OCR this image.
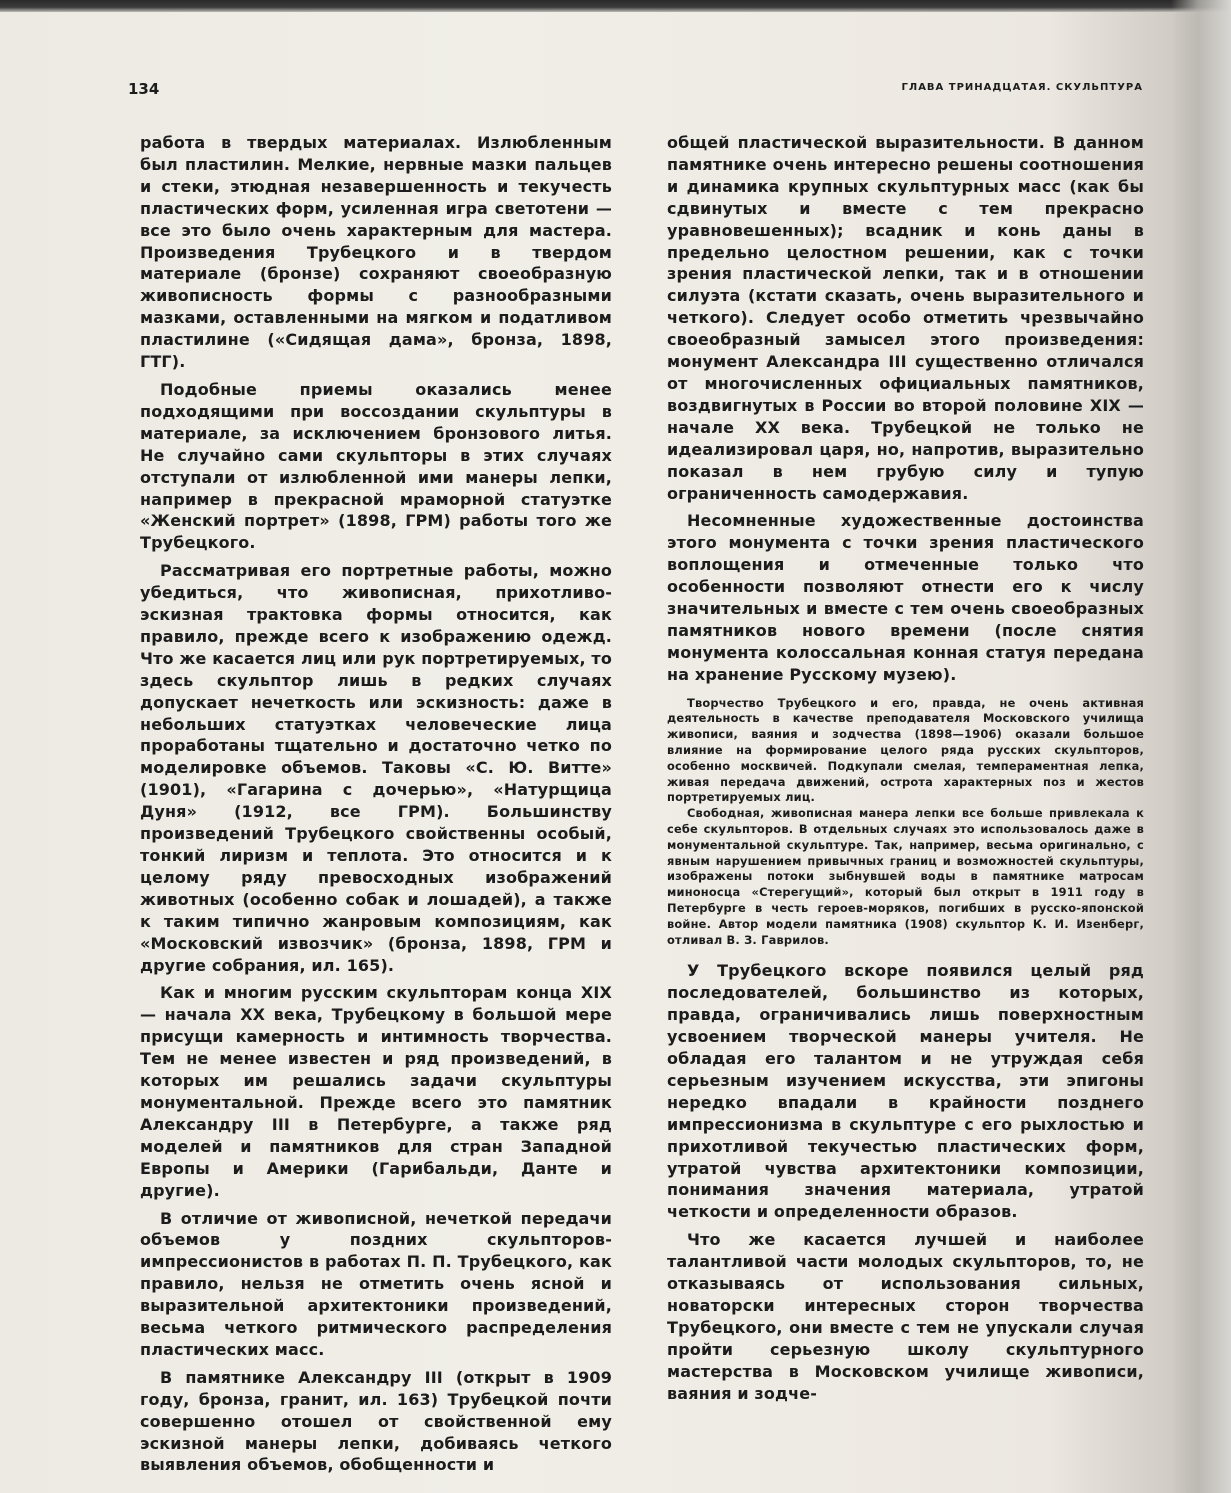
134	ГЛАВА ТРИНАДЦАТАЯ. СКУЛЬПТУРА

работа в твердых материалах. Излюбленным был пластилин. Мелкие, нервные мазки пальцев и стеки, этюдная незавершенность и текучесть пластических форм, усиленная игра светотени — все это было очень характерным для мастера. Произведения Трубецкого и в твердом материале (бронзе) сохраняют своеобразную живописность формы с разнообразными мазками, оставленными на мягком и податливом пластилине («Сидящая дама», бронза, 1898, ГТГ).

Подобные приемы оказались менее подходящими при воссоздании скульптуры в материале, за исключением бронзового литья. Не случайно сами скульпторы в этих случаях отступали от излюбленной ими манеры лепки, например в прекрасной мраморной статуэтке «Женский портрет» (1898, ГРМ) работы того же Трубецкого.

Рассматривая его портретные работы, можно убедиться, что живописная, прихотливо-эскизная трактовка формы относится, как правило, прежде всего к изображению одежд. Что же касается лиц или рук портретируемых, то здесь скульптор лишь в редких случаях допускает нечеткость или эскизность: даже в небольших статуэтках человеческие лица проработаны тщательно и достаточно четко по моделировке объемов. Таковы «С. Ю. Витте» (1901), «Гагарина с дочерью», «Натурщица Дуня» (1912, все ГРМ). Большинству произведений Трубецкого свойственны особый, тонкий лиризм и теплота. Это относится и к целому ряду превосходных изображений животных (особенно собак и лошадей), а также к таким типично жанровым композициям, как «Московский извозчик» (бронза, 1898, ГРМ и другие собрания, ил. 165).

Как и многим русским скульпторам конца XIX — начала XX века, Трубецкому в большой мере присущи камерность и интимность творчества. Тем не менее известен и ряд произведений, в которых им решались задачи скульптуры монументальной. Прежде всего это памятник Александру III в Петербурге, а также ряд моделей и памятников для стран Западной Европы и Америки (Гарибальди, Данте и другие).

В отличие от живописной, нечеткой передачи объемов у поздних скульпторов-импрессионистов в работах П. П. Трубецкого, как правило, нельзя не отметить очень ясной и выразительной архитектоники произведений, весьма четкого ритмического распределения пластических масс.

В памятнике Александру III (открыт в 1909 году, бронза, гранит, ил. 163) Трубецкой почти совершенно отошел от свойственной ему эскизной манеры лепки, добиваясь четкого выявления объемов, обобщенности и

общей пластической выразительности. В данном памятнике очень интересно решены соотношения и динамика крупных скульптурных масс (как бы сдвинутых и вместе с тем прекрасно уравновешенных); всадник и конь даны в предельно целостном решении, как с точки зрения пластической лепки, так и в отношении силуэта (кстати сказать, очень выразительного и четкого). Следует особо отметить чрезвычайно своеобразный замысел этого произведения: монумент Александра III существенно отличался от многочисленных официальных памятников, воздвигнутых в России во второй половине XIX — начале XX века. Трубецкой не только не идеализировал царя, но, напротив, выразительно показал в нем грубую силу и тупую ограниченность самодержавия.

Несомненные художественные достоинства этого монумента с точки зрения пластического воплощения и отмеченные только что особенности позволяют отнести его к числу значительных и вместе с тем очень своеобразных памятников нового времени (после снятия монумента колоссальная конная статуя передана на хранение Русскому музею).

Творчество Трубецкого и его, правда, не очень активная деятельность в качестве преподавателя Московского училища живописи, ваяния и зодчества (1898—1906) оказали большое влияние на формирование целого ряда русских скульпторов, особенно москвичей. Подкупали смелая, темпераментная лепка, живая передача движений, острота характерных поз и жестов портретируемых лиц.

Свободная, живописная манера лепки все больше привлекала к себе скульпторов. В отдельных случаях это использовалось даже в монументальной скульптуре. Так, например, весьма оригинально, с явным нарушением привычных границ и возможностей скульптуры, изображены потоки зыбнувшей воды в памятнике матросам миноносца «Стерегущий», который был открыт в 1911 году в Петербурге в честь героев-моряков, погибших в русско-японской войне. Автор модели памятника (1908) скульптор К. И. Изенберг, отливал В. З. Гаврилов.

У Трубецкого вскоре появился целый ряд последователей, большинство из которых, правда, ограничивались лишь поверхностным усвоением творческой манеры учителя. Не обладая его талантом и не утруждая себя серьезным изучением искусства, эти эпигоны нередко впадали в крайности позднего импрессионизма в скульптуре с его рыхлостью и прихотливой текучестью пластических форм, утратой чувства архитектоники композиции, понимания значения материала, утратой четкости и определенности образов.

Что же касается лучшей и наиболее талантливой части молодых скульпторов, то, не отказываясь от использования сильных, новаторски интересных сторон творчества Трубецкого, они вместе с тем не упускали случая пройти серьезную школу скульптурного мастерства в Московском училище живописи, ваяния и зодче-
